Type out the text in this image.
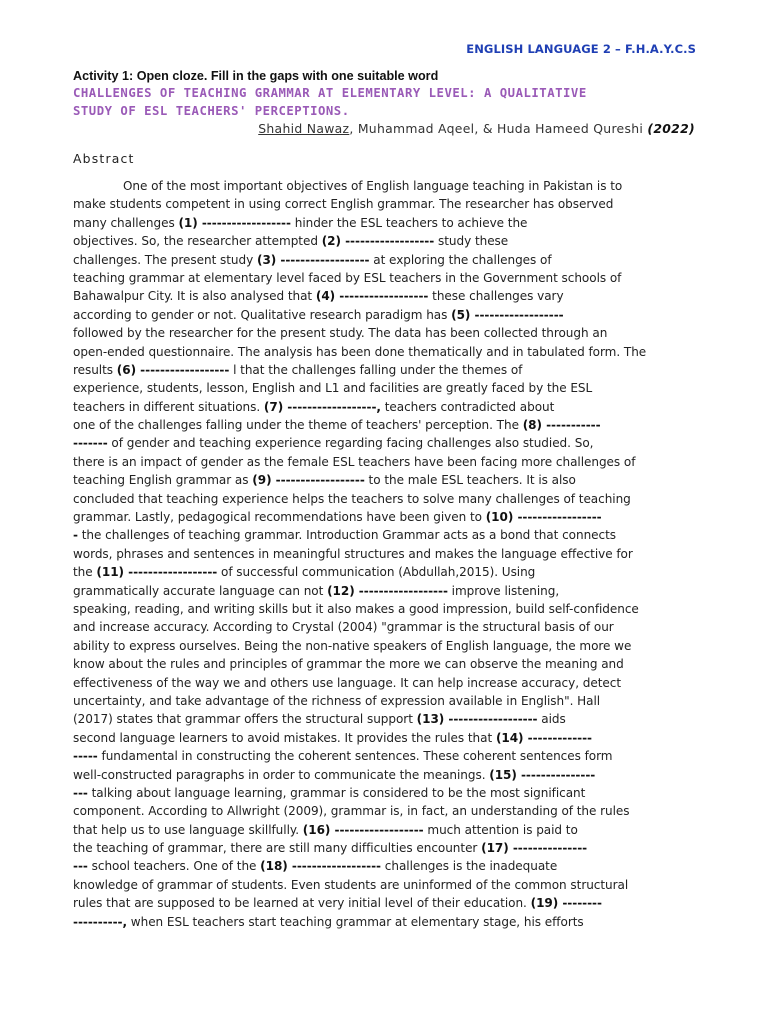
ENGLISH LANGUAGE 2 – F.H.A.Y.C.S
Activity 1: Open cloze. Fill in the gaps with one suitable word
CHALLENGES OF TEACHING GRAMMAR AT ELEMENTARY LEVEL: A QUALITATIVE
STUDY OF ESL TEACHERS' PERCEPTIONS.
Shahid Nawaz, Muhammad Aqeel, & Huda Hameed Qureshi (2022)
Abstract
One of the most important objectives of English language teaching in Pakistan is to
make students competent in using correct English grammar. The researcher has observed
many challenges (1) ------------------ hinder the ESL teachers to achieve the
objectives. So, the researcher attempted (2) ------------------ study these
challenges. The present study (3) ------------------ at exploring the challenges of
teaching grammar at elementary level faced by ESL teachers in the Government schools of
Bahawalpur City. It is also analysed that (4) ------------------ these challenges vary
according to gender or not. Qualitative research paradigm has (5) ------------------
followed by the researcher for the present study. The data has been collected through an
open-ended questionnaire. The analysis has been done thematically and in tabulated form. The
results (6) ------------------ l that the challenges falling under the themes of
experience, students, lesson, English and L1 and facilities are greatly faced by the ESL
teachers in different situations. (7) ------------------, teachers contradicted about
one of the challenges falling under the theme of teachers' perception. The (8) -----------
------- of gender and teaching experience regarding facing challenges also studied. So,
there is an impact of gender as the female ESL teachers have been facing more challenges of
teaching English grammar as (9) ------------------ to the male ESL teachers. It is also
concluded that teaching experience helps the teachers to solve many challenges of teaching
grammar. Lastly, pedagogical recommendations have been given to (10) -----------------
- the challenges of teaching grammar. Introduction Grammar acts as a bond that connects
words, phrases and sentences in meaningful structures and makes the language effective for
the (11) ------------------ of successful communication (Abdullah,2015). Using
grammatically accurate language can not (12) ------------------ improve listening,
speaking, reading, and writing skills but it also makes a good impression, build self-confidence
and increase accuracy. According to Crystal (2004) "grammar is the structural basis of our
ability to express ourselves. Being the non-native speakers of English language, the more we
know about the rules and principles of grammar the more we can observe the meaning and
effectiveness of the way we and others use language. It can help increase accuracy, detect
uncertainty, and take advantage of the richness of expression available in English". Hall
(2017) states that grammar offers the structural support (13) ------------------ aids
second language learners to avoid mistakes. It provides the rules that (14) -------------
----- fundamental in constructing the coherent sentences. These coherent sentences form
well-constructed paragraphs in order to communicate the meanings. (15) ---------------
--- talking about language learning, grammar is considered to be the most significant
component. According to Allwright (2009), grammar is, in fact, an understanding of the rules
that help us to use language skillfully. (16) ------------------ much attention is paid to
the teaching of grammar, there are still many difficulties encounter (17) ---------------
--- school teachers. One of the (18) ------------------ challenges is the inadequate
knowledge of grammar of students. Even students are uninformed of the common structural
rules that are supposed to be learned at very initial level of their education. (19) --------
----------, when ESL teachers start teaching grammar at elementary stage, his efforts
